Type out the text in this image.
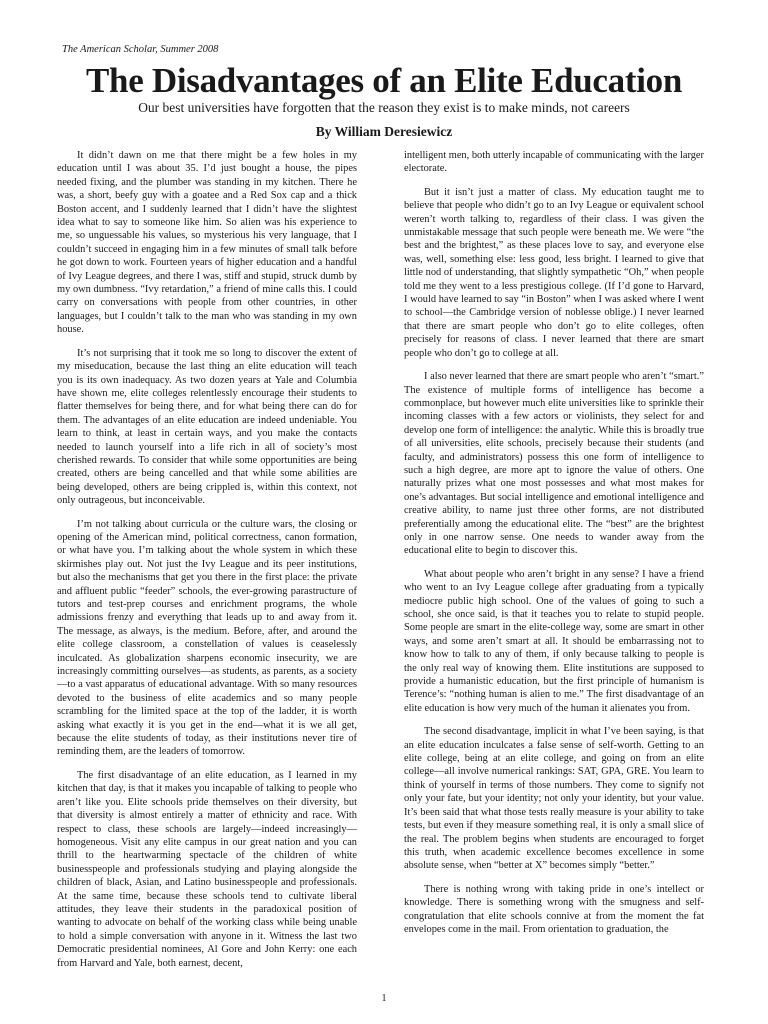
The American Scholar, Summer 2008
The Disadvantages of an Elite Education
Our best universities have forgotten that the reason they exist is to make minds, not careers
By William Deresiewicz

It didn’t dawn on me that there might be a few holes in my education until I was about 35. I’d just bought a house, the pipes needed fixing, and the plumber was standing in my kitchen. There he was, a short, beefy guy with a goatee and a Red Sox cap and a thick Boston accent, and I suddenly learned that I didn’t have the slightest idea what to say to someone like him. So alien was his experience to me, so unguessable his values, so mysterious his very language, that I couldn’t succeed in engaging him in a few minutes of small talk before he got down to work. Fourteen years of higher education and a handful of Ivy League degrees, and there I was, stiff and stupid, struck dumb by my own dumbness. “Ivy retardation,” a friend of mine calls this. I could carry on conversations with people from other countries, in other languages, but I couldn’t talk to the man who was standing in my own house.

It’s not surprising that it took me so long to discover the extent of my miseducation, because the last thing an elite education will teach you is its own inadequacy. As two dozen years at Yale and Columbia have shown me, elite colleges relentlessly encourage their students to flatter themselves for being there, and for what being there can do for them. The advantages of an elite education are indeed undeniable. You learn to think, at least in certain ways, and you make the contacts needed to launch yourself into a life rich in all of society’s most cherished rewards. To consider that while some opportunities are being created, others are being cancelled and that while some abilities are being developed, others are being crippled is, within this context, not only outrageous, but inconceivable.

I’m not talking about curricula or the culture wars, the closing or opening of the American mind, political correctness, canon formation, or what have you. I’m talking about the whole system in which these skirmishes play out. Not just the Ivy League and its peer institutions, but also the mechanisms that get you there in the first place: the private and affluent public “feeder” schools, the ever-growing parastructure of tutors and test-prep courses and enrichment programs, the whole admissions frenzy and everything that leads up to and away from it. The message, as always, is the medium. Before, after, and around the elite college classroom, a constellation of values is ceaselessly inculcated. As globalization sharpens economic insecurity, we are increasingly committing ourselves—as students, as parents, as a society—to a vast apparatus of educational advantage. With so many resources devoted to the business of elite academics and so many people scrambling for the limited space at the top of the ladder, it is worth asking what exactly it is you get in the end—what it is we all get, because the elite students of today, as their institutions never tire of reminding them, are the leaders of tomorrow.

The first disadvantage of an elite education, as I learned in my kitchen that day, is that it makes you incapable of talking to people who aren’t like you. Elite schools pride themselves on their diversity, but that diversity is almost entirely a matter of ethnicity and race. With respect to class, these schools are largely—indeed increasingly—homogeneous. Visit any elite campus in our great nation and you can thrill to the heartwarming spectacle of the children of white businesspeople and professionals studying and playing alongside the children of black, Asian, and Latino businesspeople and professionals. At the same time, because these schools tend to cultivate liberal attitudes, they leave their students in the paradoxical position of wanting to advocate on behalf of the working class while being unable to hold a simple conversation with anyone in it. Witness the last two Democratic presidential nominees, Al Gore and John Kerry: one each from Harvard and Yale, both earnest, decent,

intelligent men, both utterly incapable of communicating with the larger electorate.

But it isn’t just a matter of class. My education taught me to believe that people who didn’t go to an Ivy League or equivalent school weren’t worth talking to, regardless of their class. I was given the unmistakable message that such people were beneath me. We were “the best and the brightest,” as these places love to say, and everyone else was, well, something else: less good, less bright. I learned to give that little nod of understanding, that slightly sympathetic “Oh,” when people told me they went to a less prestigious college. (If I’d gone to Harvard, I would have learned to say “in Boston” when I was asked where I went to school—the Cambridge version of noblesse oblige.) I never learned that there are smart people who don’t go to elite colleges, often precisely for reasons of class. I never learned that there are smart people who don’t go to college at all.

I also never learned that there are smart people who aren’t “smart.” The existence of multiple forms of intelligence has become a commonplace, but however much elite universities like to sprinkle their incoming classes with a few actors or violinists, they select for and develop one form of intelligence: the analytic. While this is broadly true of all universities, elite schools, precisely because their students (and faculty, and administrators) possess this one form of intelligence to such a high degree, are more apt to ignore the value of others. One naturally prizes what one most possesses and what most makes for one’s advantages. But social intelligence and emotional intelligence and creative ability, to name just three other forms, are not distributed preferentially among the educational elite. The “best” are the brightest only in one narrow sense. One needs to wander away from the educational elite to begin to discover this.

What about people who aren’t bright in any sense? I have a friend who went to an Ivy League college after graduating from a typically mediocre public high school. One of the values of going to such a school, she once said, is that it teaches you to relate to stupid people. Some people are smart in the elite-college way, some are smart in other ways, and some aren’t smart at all. It should be embarrassing not to know how to talk to any of them, if only because talking to people is the only real way of knowing them. Elite institutions are supposed to provide a humanistic education, but the first principle of humanism is Terence’s: “nothing human is alien to me.” The first disadvantage of an elite education is how very much of the human it alienates you from.

The second disadvantage, implicit in what I’ve been saying, is that an elite education inculcates a false sense of self-worth. Getting to an elite college, being at an elite college, and going on from an elite college—all involve numerical rankings: SAT, GPA, GRE. You learn to think of yourself in terms of those numbers. They come to signify not only your fate, but your identity; not only your identity, but your value. It’s been said that what those tests really measure is your ability to take tests, but even if they measure something real, it is only a small slice of the real. The problem begins when students are encouraged to forget this truth, when academic excellence becomes excellence in some absolute sense, when “better at X” becomes simply “better.”

There is nothing wrong with taking pride in one’s intellect or knowledge. There is something wrong with the smugness and self-congratulation that elite schools connive at from the moment the fat envelopes come in the mail. From orientation to graduation, the

1
